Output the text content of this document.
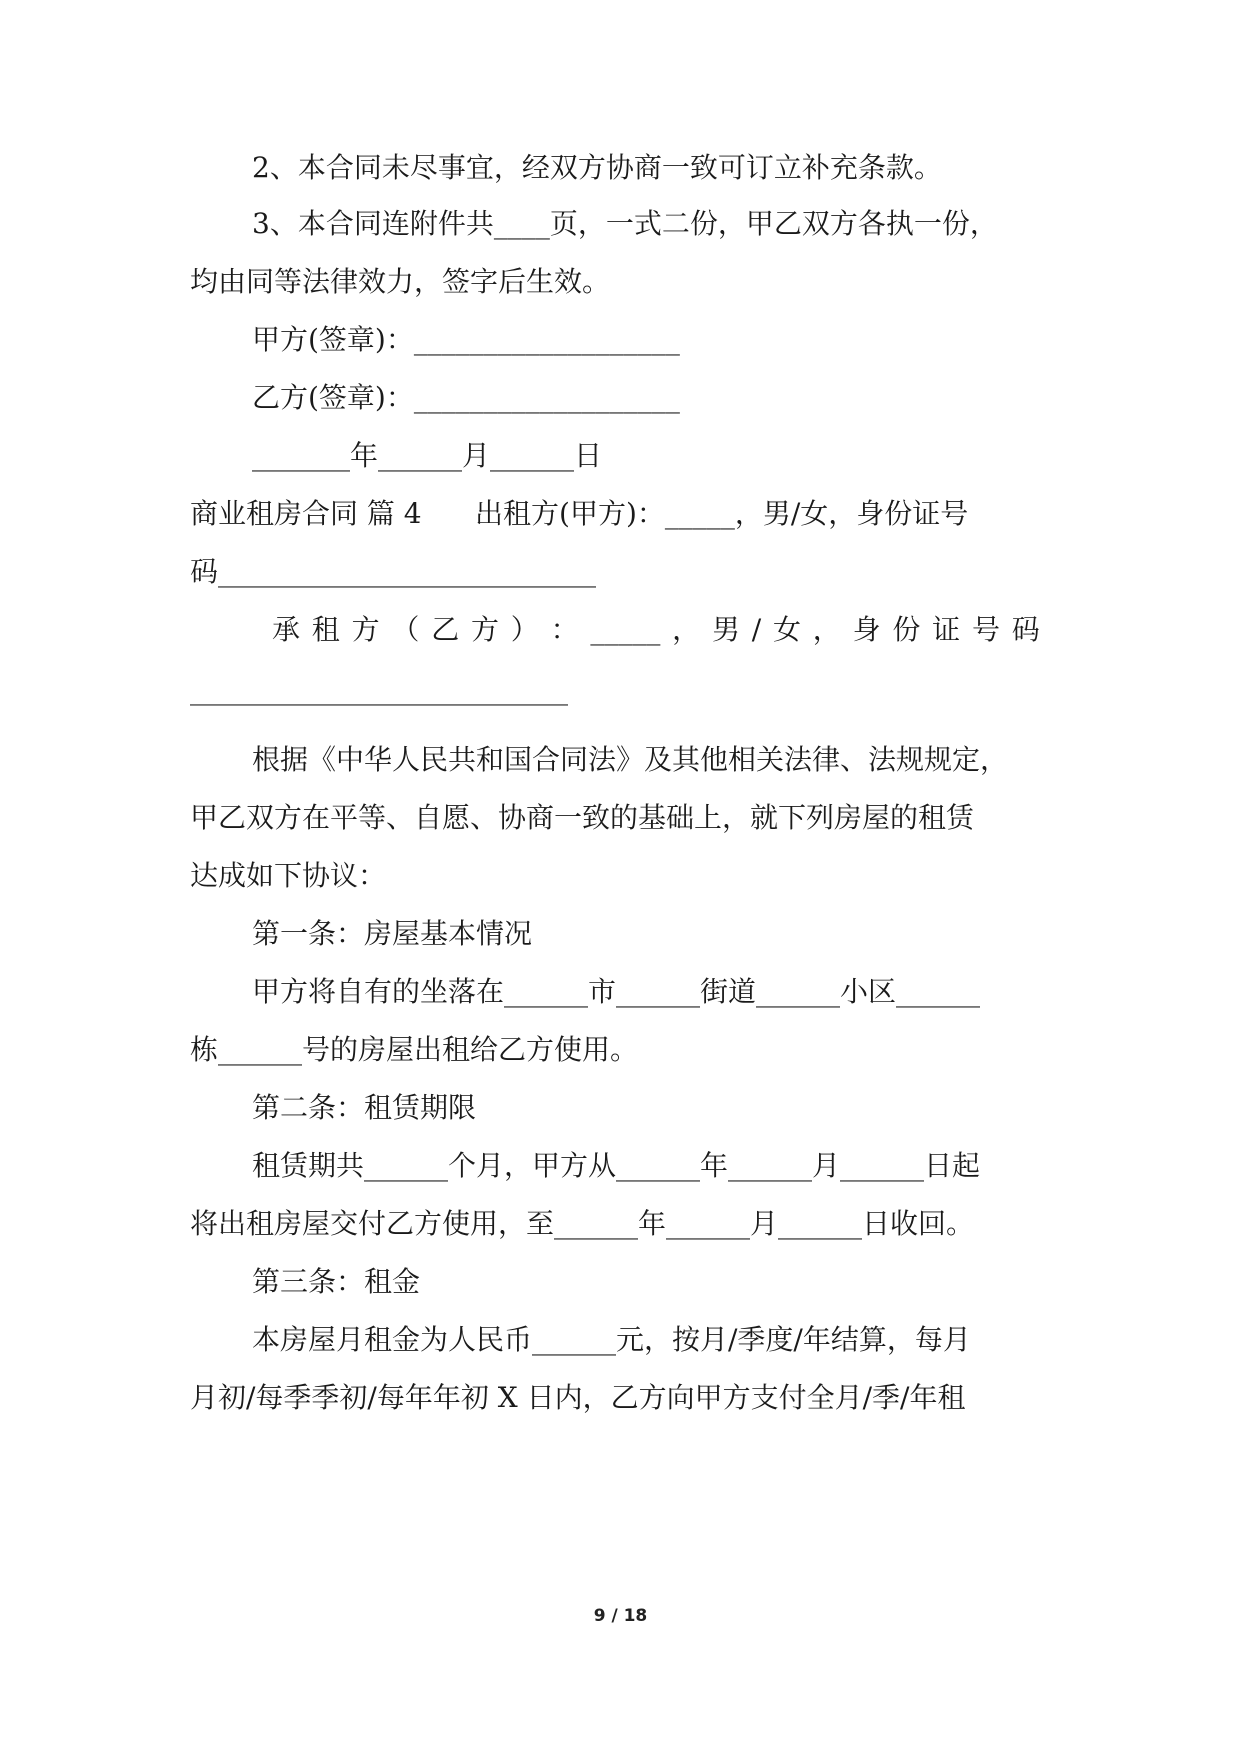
2、本合同未尽事宜，经双方协商一致可订立补充条款。
3、本合同连附件共____页，一式二份，甲乙双方各执一份，
均由同等法律效力，签字后生效。
甲方(签章)：___________________
乙方(签章)：___________________
_______年______月______日
商业租房合同 篇 4      出租方(甲方)：_____，男/女，身份证号
码___________________________
承 租 方 （ 乙 方 ） ： _____ ， 男 / 女 ， 身 份 证 号 码
___________________________
根据《中华人民共和国合同法》及其他相关法律、法规规定，
甲乙双方在平等、自愿、协商一致的基础上，就下列房屋的租赁
达成如下协议：
第一条：房屋基本情况
甲方将自有的坐落在______市______街道______小区______
栋______号的房屋出租给乙方使用。
第二条：租赁期限
租赁期共______个月，甲方从______年______月______日起
将出租房屋交付乙方使用，至______年______月______日收回。
第三条：租金
本房屋月租金为人民币______元，按月/季度/年结算，每月
月初/每季季初/每年年初 X 日内，乙方向甲方支付全月/季/年租
9 / 18
